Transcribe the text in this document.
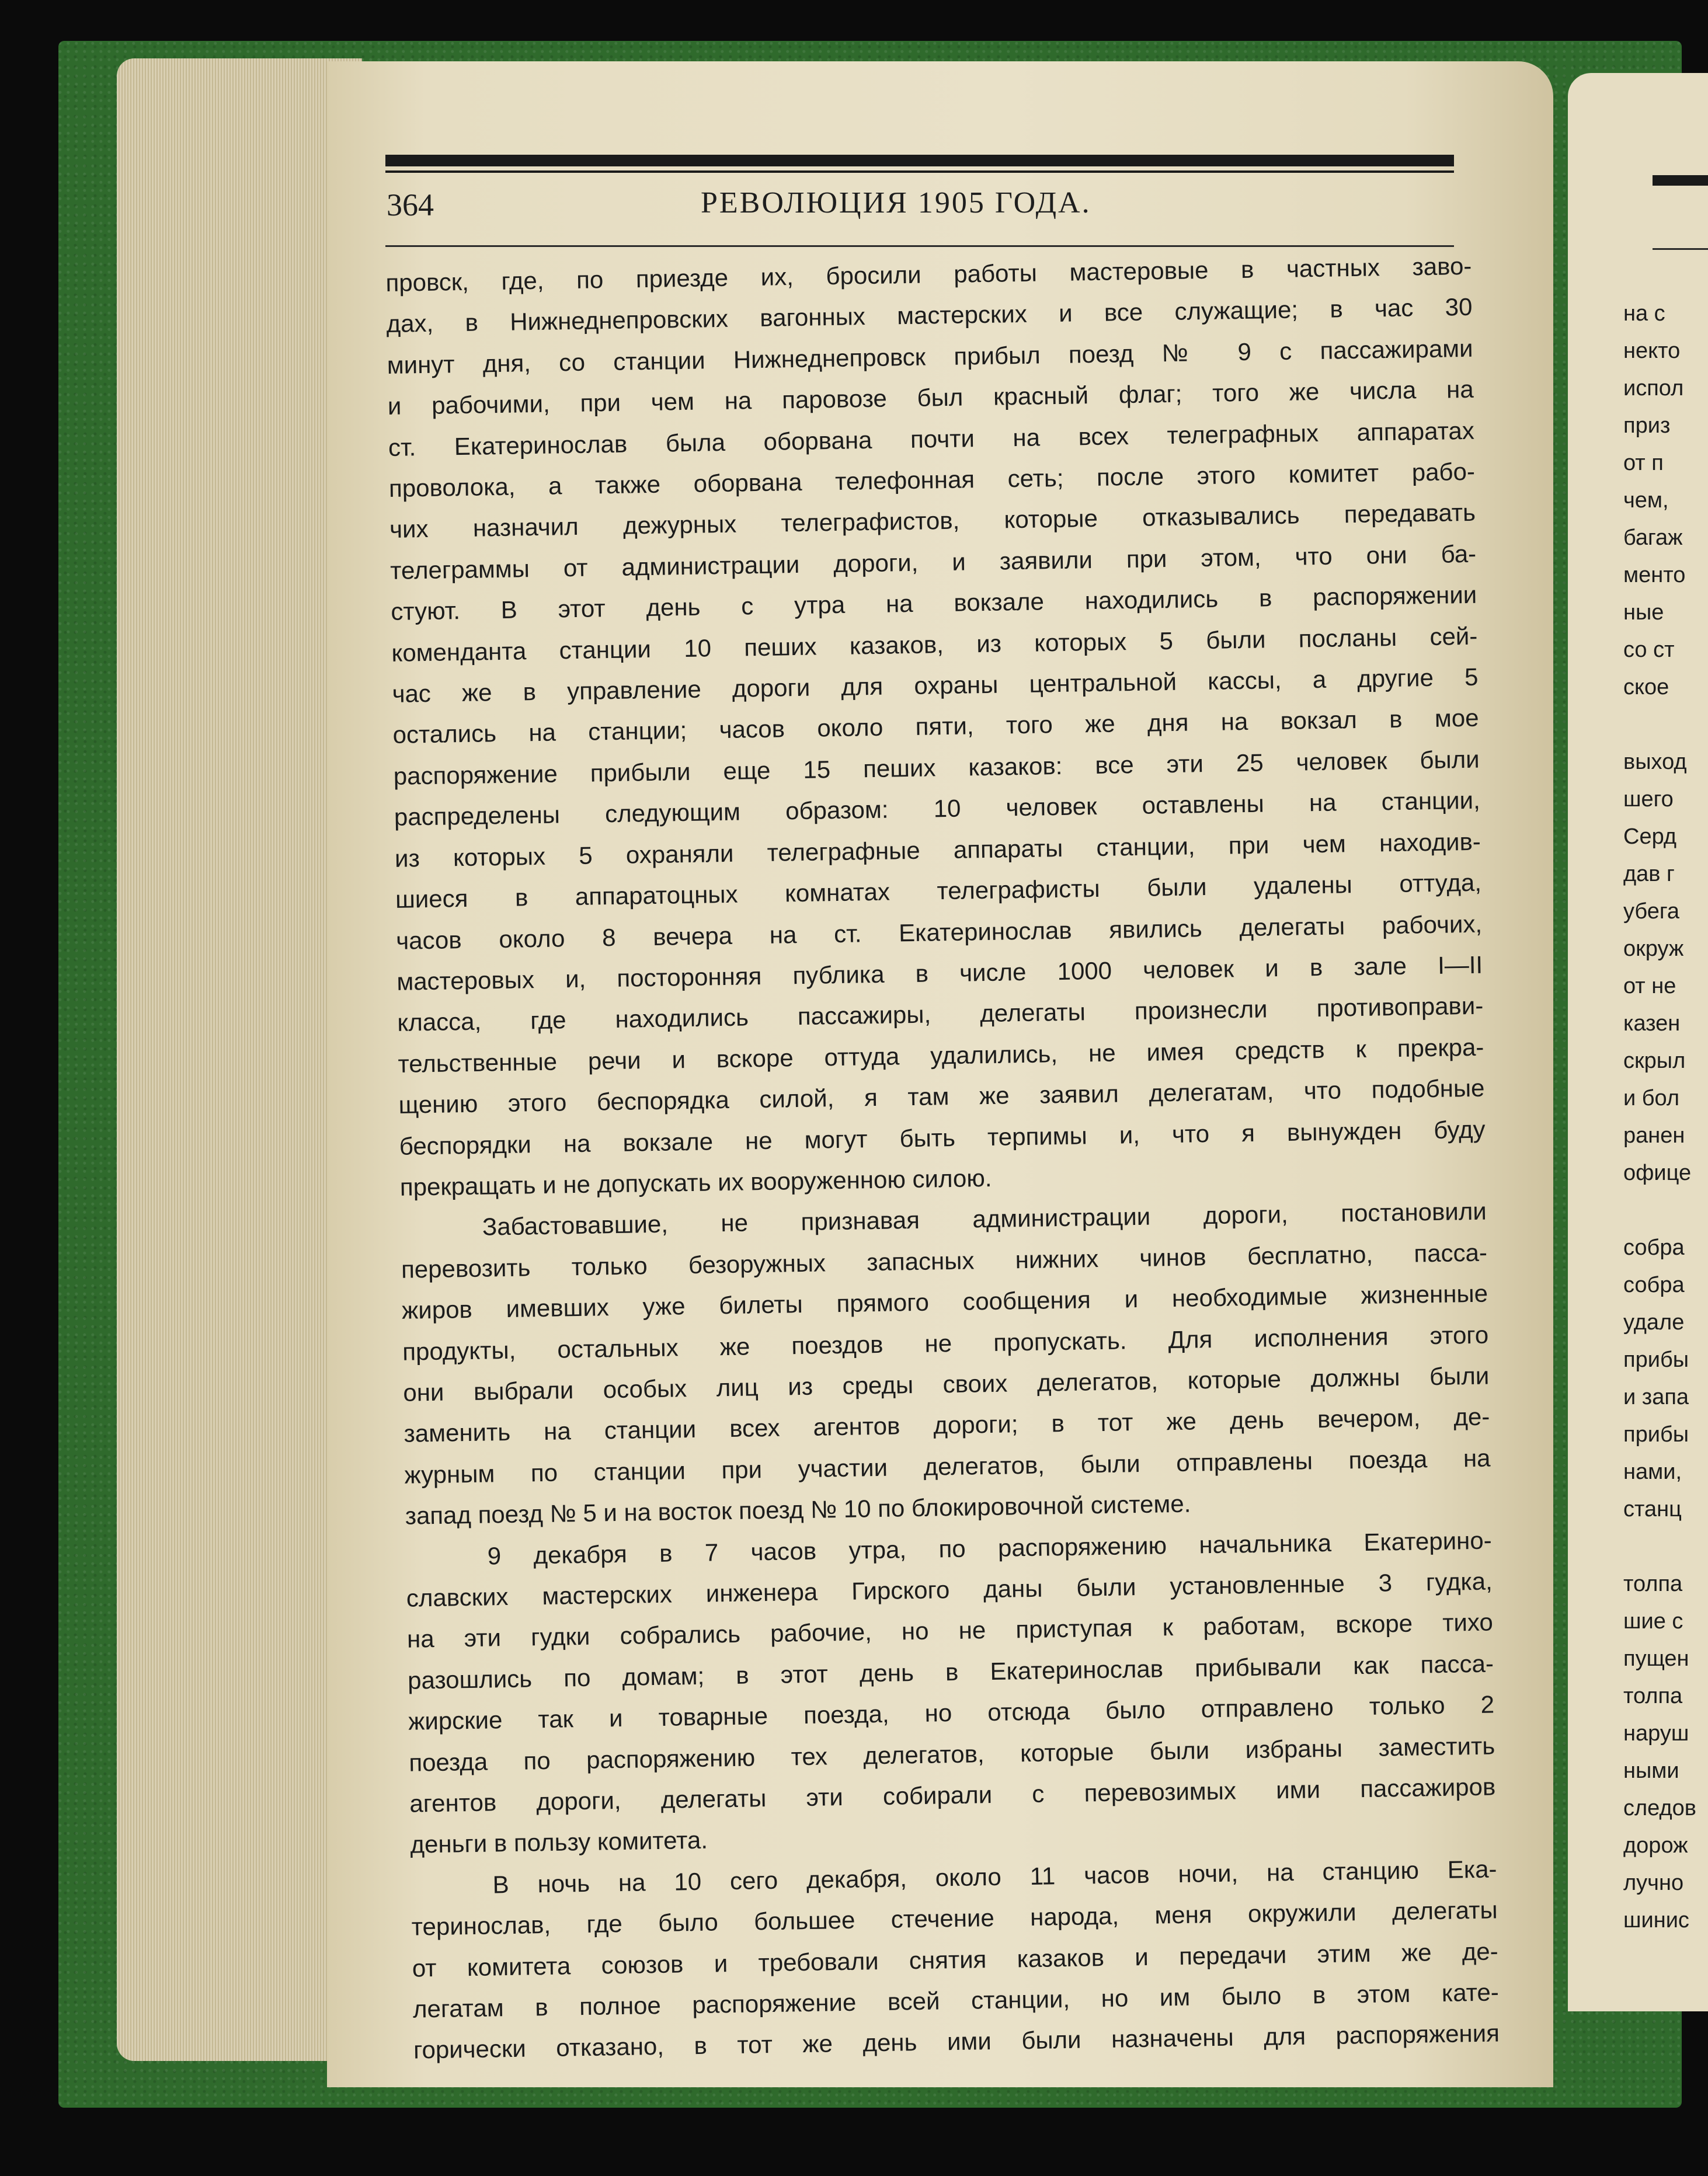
364	РЕВОЛЮЦИЯ 1905 ГОДА.
провск, где, по приезде их, бросили работы мастеровые в частных заво-
дах, в Нижнеднепровских вагонных мастерских и все служащие; в час 30
минут дня, со станции Нижнеднепровск прибыл поезд № 9 с пассажирами
и рабочими, при чем на паровозе был красный флаг; того же числа на
ст. Екатеринослав была оборвана почти на всех телеграфных аппаратах
проволока, а также оборвана телефонная сеть; после этого комитет рабо-
чих назначил дежурных телеграфистов, которые отказывались передавать
телеграммы от администрации дороги, и заявили при этом, что они ба-
стуют. В этот день с утра на вокзале находились в распоряжении
коменданта станции 10 пеших казаков, из которых 5 были посланы сей-
час же в управление дороги для охраны центральной кассы, а другие 5
остались на станции; часов около пяти, того же дня на вокзал в мое
распоряжение прибыли еще 15 пеших казаков: все эти 25 человек были
распределены следующим образом: 10 человек оставлены на станции,
из которых 5 охраняли телеграфные аппараты станции, при чем находив-
шиеся в аппаратоцных комнатах телеграфисты были удалены оттуда,
часов около 8 вечера на ст. Екатеринослав явились делегаты рабочих,
мастеровых и, посторонняя публика в числе 1000 человек и в зале I—II
класса, где находились пассажиры, делегаты произнесли противоправи-
тельственные речи и вскоре оттуда удалились, не имея средств к прекра-
щению этого беспорядка силой, я там же заявил делегатам, что подобные
беспорядки на вокзале не могут быть терпимы и, что я вынужден буду
прекращать и не допускать их вооруженною силою.
Забастовавшие, не признавая администрации дороги, постановили
перевозить только безоружных запасных нижних чинов бесплатно, пасса-
жиров имевших уже билеты прямого сообщения и необходимые жизненные
продукты, остальных же поездов не пропускать. Для исполнения этого
они выбрали особых лиц из среды своих делегатов, которые должны были
заменить на станции всех агентов дороги; в тот же день вечером, де-
журным по станции при участии делегатов, были отправлены поезда на
запад поезд № 5 и на восток поезд № 10 по блокировочной системе.
9 декабря в 7 часов утра, по распоряжению начальника Екатерино-
славских мастерских инженера Гирского даны были установленные 3 гудка,
на эти гудки собрались рабочие, но не приступая к работам, вскоре тихо
разошлись по домам; в этот день в Екатеринослав прибывали как пасса-
жирские так и товарные поезда, но отсюда было отправлено только 2
поезда по распоряжению тех делегатов, которые были избраны заместить
агентов дороги, делегаты эти собирали с перевозимых ими пассажиров
деньги в пользу комитета.
В ночь на 10 сего декабря, около 11 часов ночи, на станцию Ека-
теринослав, где было большее стечение народа, меня окружили делегаты
от комитета союзов и требовали снятия казаков и передачи этим же де-
легатам в полное распоряжение всей станции, но им было в этом кате-
горически отказано, в тот же день ими были назначены для распоряжения
на с
некто
испол
приз
от п
чем,
багаж
менто
ные
со ст
ское
выход
шего
Серд
дав г
убега
окруж
от не
казен
скрыл
и бол
ранен
офице
собра
собра
удале
прибы
и запа
прибы
нами,
станц
толпа
шие с
пущен
толпа
наруш
ными
следов
дорож
лучно
шинис
